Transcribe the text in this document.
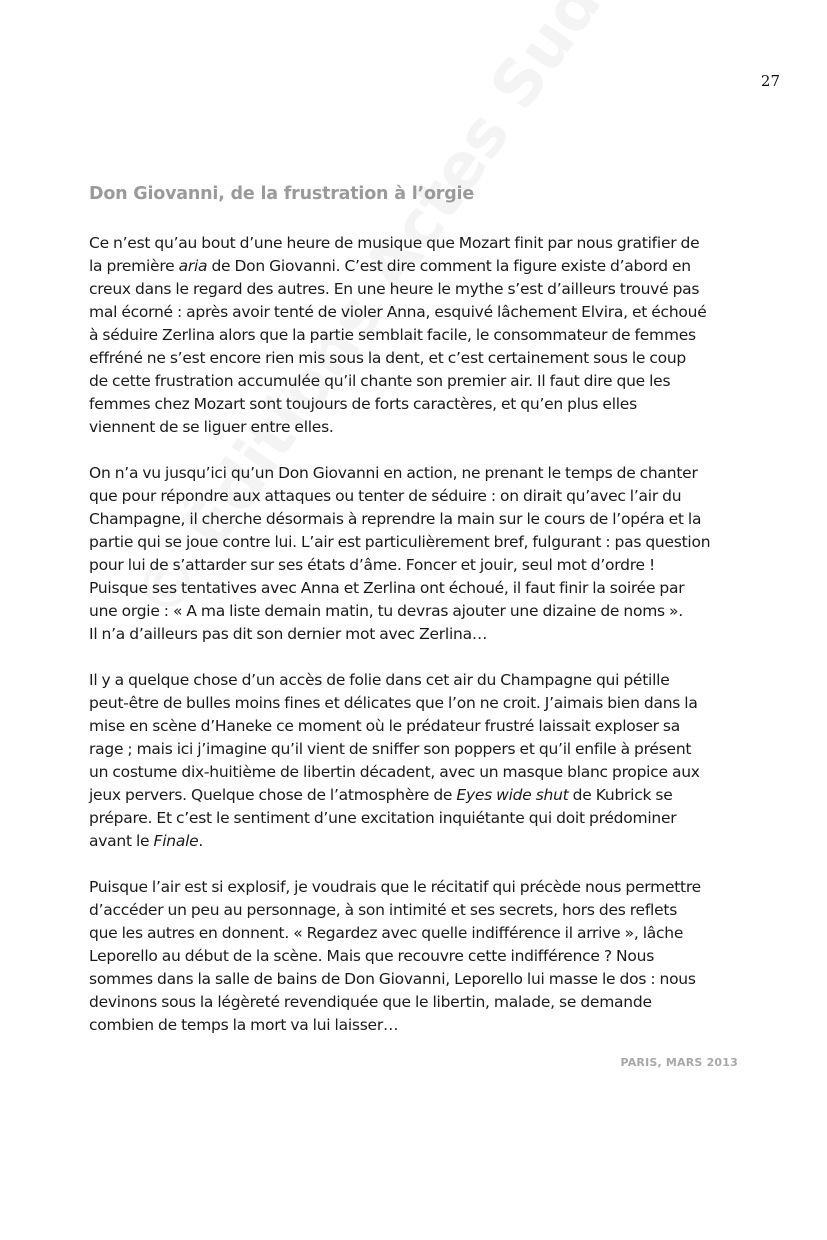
27
Don Giovanni, de la frustration à l’orgie

Ce n’est qu’au bout d’une heure de musique que Mozart finit par nous gratifier de
la première aria de Don Giovanni. C’est dire comment la figure existe d’abord en
creux dans le regard des autres. En une heure le mythe s’est d’ailleurs trouvé pas
mal écorné : après avoir tenté de violer Anna, esquivé lâchement Elvira, et échoué
à séduire Zerlina alors que la partie semblait facile, le consommateur de femmes
effréné ne s’est encore rien mis sous la dent, et c’est certainement sous le coup
de cette frustration accumulée qu’il chante son premier air. Il faut dire que les
femmes chez Mozart sont toujours de forts caractères, et qu’en plus elles
viennent de se liguer entre elles.

On n’a vu jusqu’ici qu’un Don Giovanni en action, ne prenant le temps de chanter
que pour répondre aux attaques ou tenter de séduire : on dirait qu’avec l’air du
Champagne, il cherche désormais à reprendre la main sur le cours de l’opéra et la
partie qui se joue contre lui. L’air est particulièrement bref, fulgurant : pas question
pour lui de s’attarder sur ses états d’âme. Foncer et jouir, seul mot d’ordre !
Puisque ses tentatives avec Anna et Zerlina ont échoué, il faut finir la soirée par
une orgie : « A ma liste demain matin, tu devras ajouter une dizaine de noms ».
Il n’a d’ailleurs pas dit son dernier mot avec Zerlina…

Il y a quelque chose d’un accès de folie dans cet air du Champagne qui pétille
peut-être de bulles moins fines et délicates que l’on ne croit. J’aimais bien dans la
mise en scène d’Haneke ce moment où le prédateur frustré laissait exploser sa
rage ; mais ici j’imagine qu’il vient de sniffer son poppers et qu’il enfile à présent
un costume dix-huitième de libertin décadent, avec un masque blanc propice aux
jeux pervers. Quelque chose de l’atmosphère de Eyes wide shut de Kubrick se
prépare. Et c’est le sentiment d’une excitation inquiétante qui doit prédominer
avant le Finale.

Puisque l’air est si explosif, je voudrais que le récitatif qui précède nous permettre
d’accéder un peu au personnage, à son intimité et ses secrets, hors des reflets
que les autres en donnent. « Regardez avec quelle indifférence il arrive », lâche
Leporello au début de la scène. Mais que recouvre cette indifférence ? Nous
sommes dans la salle de bains de Don Giovanni, Leporello lui masse le dos : nous
devinons sous la légèreté revendiquée que le libertin, malade, se demande
combien de temps la mort va lui laisser…

PARIS, MARS 2013
